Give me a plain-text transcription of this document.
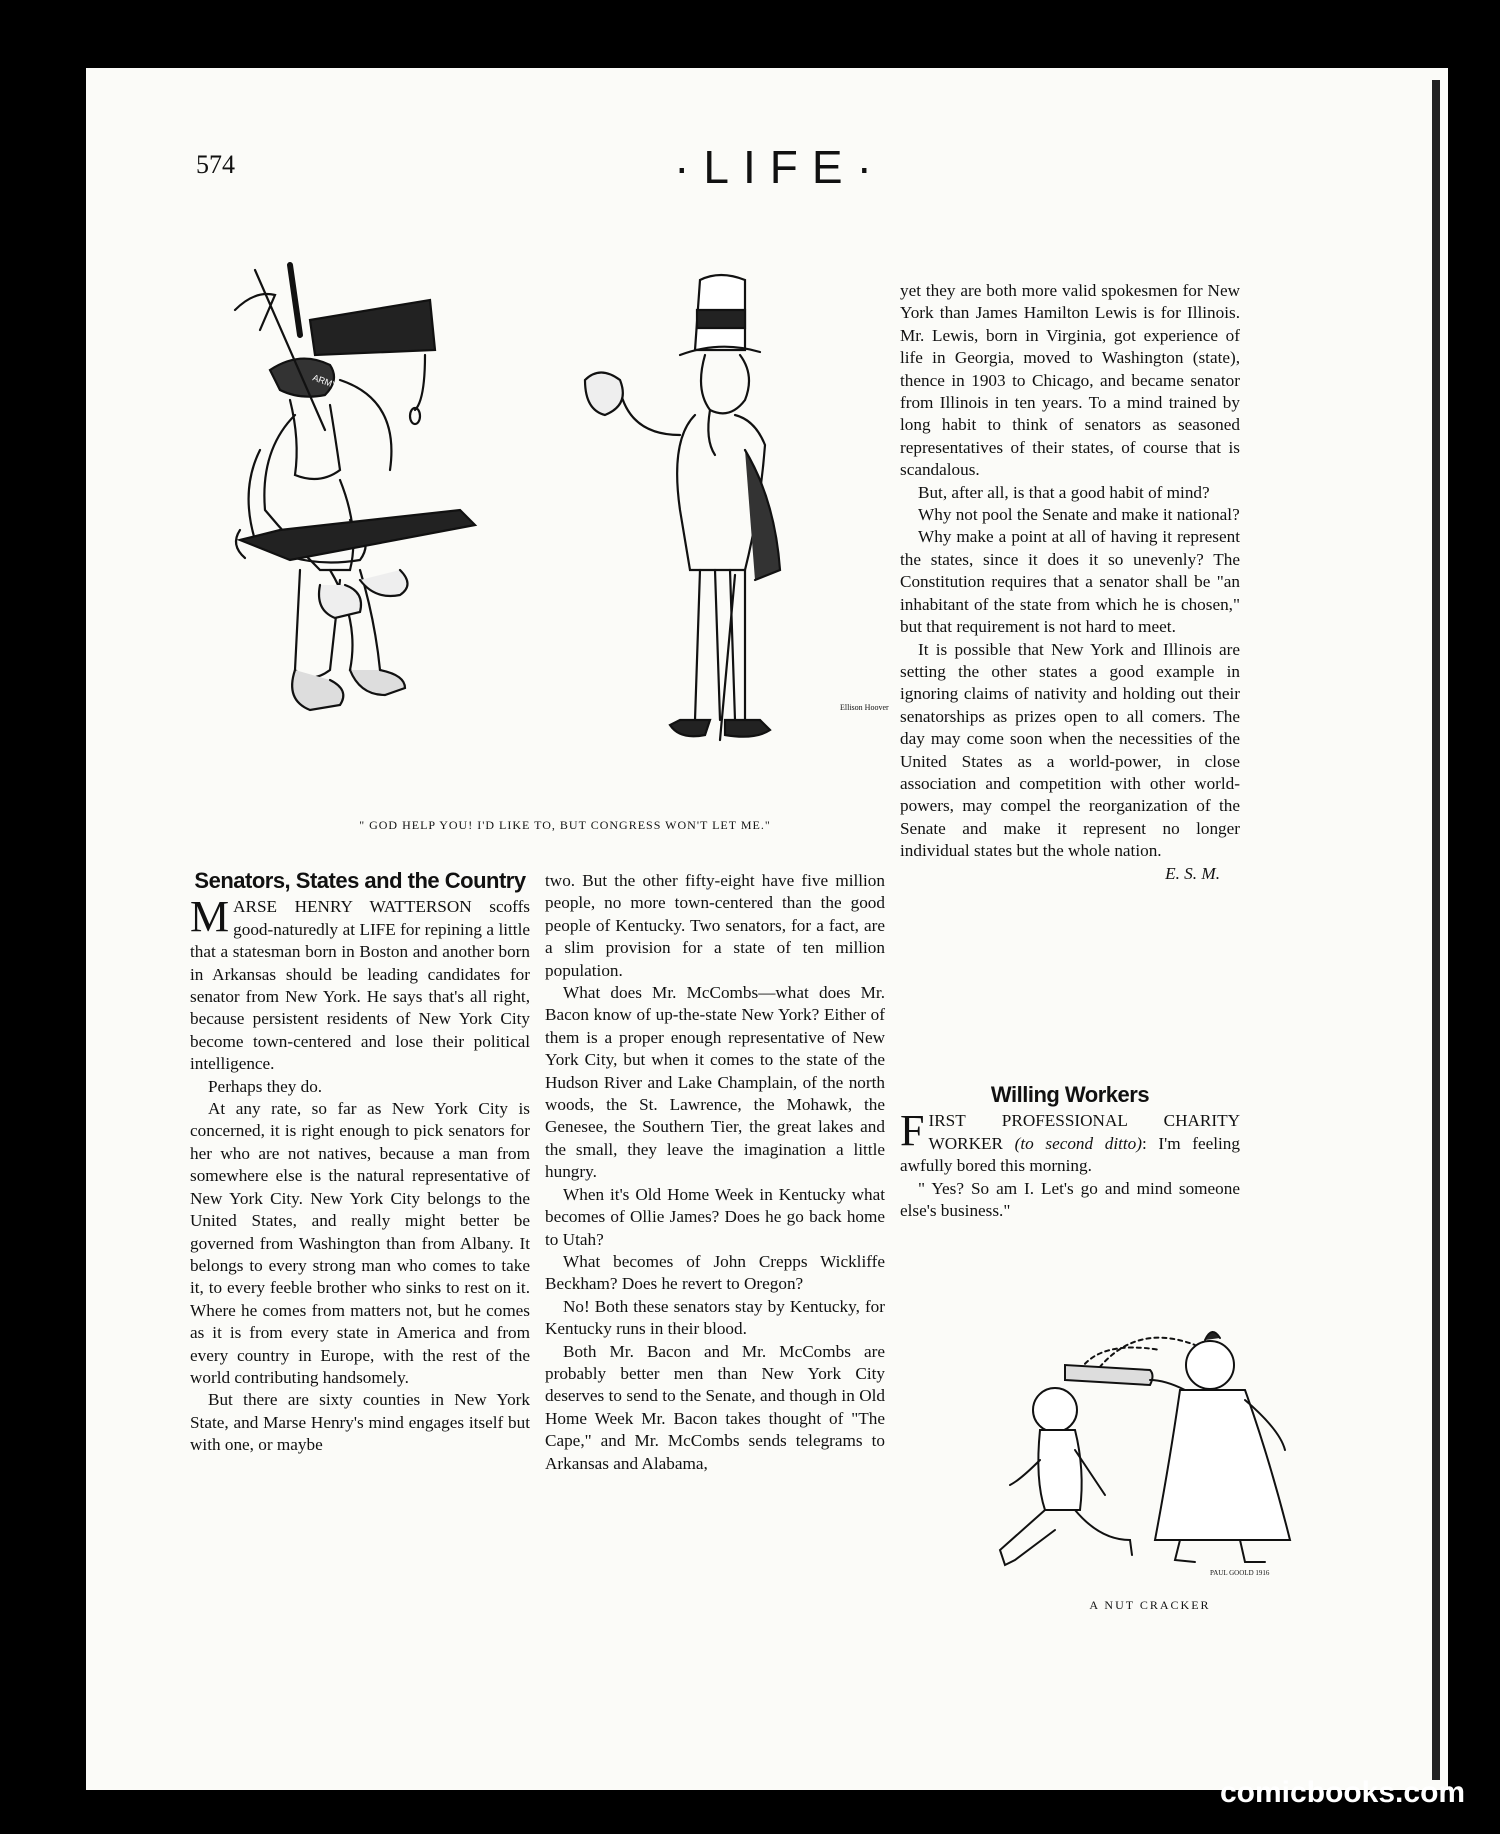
574	·LIFE·
Ellison Hoover
ARMY
" GOD HELP YOU! I'D LIKE TO, BUT CONGRESS WON'T LET ME."
Senators, States and the Country

MARSE HENRY WATTERSON scoffs good-naturedly at LIFE for repining a little that a statesman born in Boston and another born in Arkansas should be leading candidates for senator from New York. He says that's all right, because persistent residents of New York City become town-centered and lose their political intelligence.

Perhaps they do.

At any rate, so far as New York City is concerned, it is right enough to pick senators for her who are not natives, because a man from somewhere else is the natural representative of New York City. New York City belongs to the United States, and really might better be governed from Washington than from Albany. It belongs to every strong man who comes to take it, to every feeble brother who sinks to rest on it. Where he comes from matters not, but he comes as it is from every state in America and from every country in Europe, with the rest of the world contributing handsomely.

But there are sixty counties in New York State, and Marse Henry's mind engages itself but with one, or maybe

two. But the other fifty-eight have five million people, no more town-centered than the good people of Kentucky. Two senators, for a fact, are a slim provision for a state of ten million population.

What does Mr. McCombs—what does Mr. Bacon know of up-the-state New York? Either of them is a proper enough representative of New York City, but when it comes to the state of the Hudson River and Lake Champlain, of the north woods, the St. Lawrence, the Mohawk, the Genesee, the Southern Tier, the great lakes and the small, they leave the imagination a little hungry.

When it's Old Home Week in Kentucky what becomes of Ollie James? Does he go back home to Utah?

What becomes of John Crepps Wickliffe Beckham? Does he revert to Oregon?

No! Both these senators stay by Kentucky, for Kentucky runs in their blood.

Both Mr. Bacon and Mr. McCombs are probably better men than New York City deserves to send to the Senate, and though in Old Home Week Mr. Bacon takes thought of "The Cape," and Mr. McCombs sends telegrams to Arkansas and Alabama,

yet they are both more valid spokesmen for New York than James Hamilton Lewis is for Illinois. Mr. Lewis, born in Virginia, got experience of life in Georgia, moved to Washington (state), thence in 1903 to Chicago, and became senator from Illinois in ten years. To a mind trained by long habit to think of senators as seasoned representatives of their states, of course that is scandalous.

But, after all, is that a good habit of mind?

Why not pool the Senate and make it national?

Why make a point at all of having it represent the states, since it does it so unevenly? The Constitution requires that a senator shall be "an inhabitant of the state from which he is chosen," but that requirement is not hard to meet.

It is possible that New York and Illinois are setting the other states a good example in ignoring claims of nativity and holding out their senatorships as prizes open to all comers. The day may come soon when the necessities of the United States as a world-power, in close association and competition with other world-powers, may compel the reorganization of the Senate and make it represent no longer individual states but the whole nation.

E. S. M.
Willing Workers

FIRST PROFESSIONAL CHARITY WORKER (to second ditto): I'm feeling awfully bored this morning.

" Yes? So am I. Let's go and mind someone else's business."

PAUL GOOLD 1916
A NUT CRACKER
comicbooks.com
